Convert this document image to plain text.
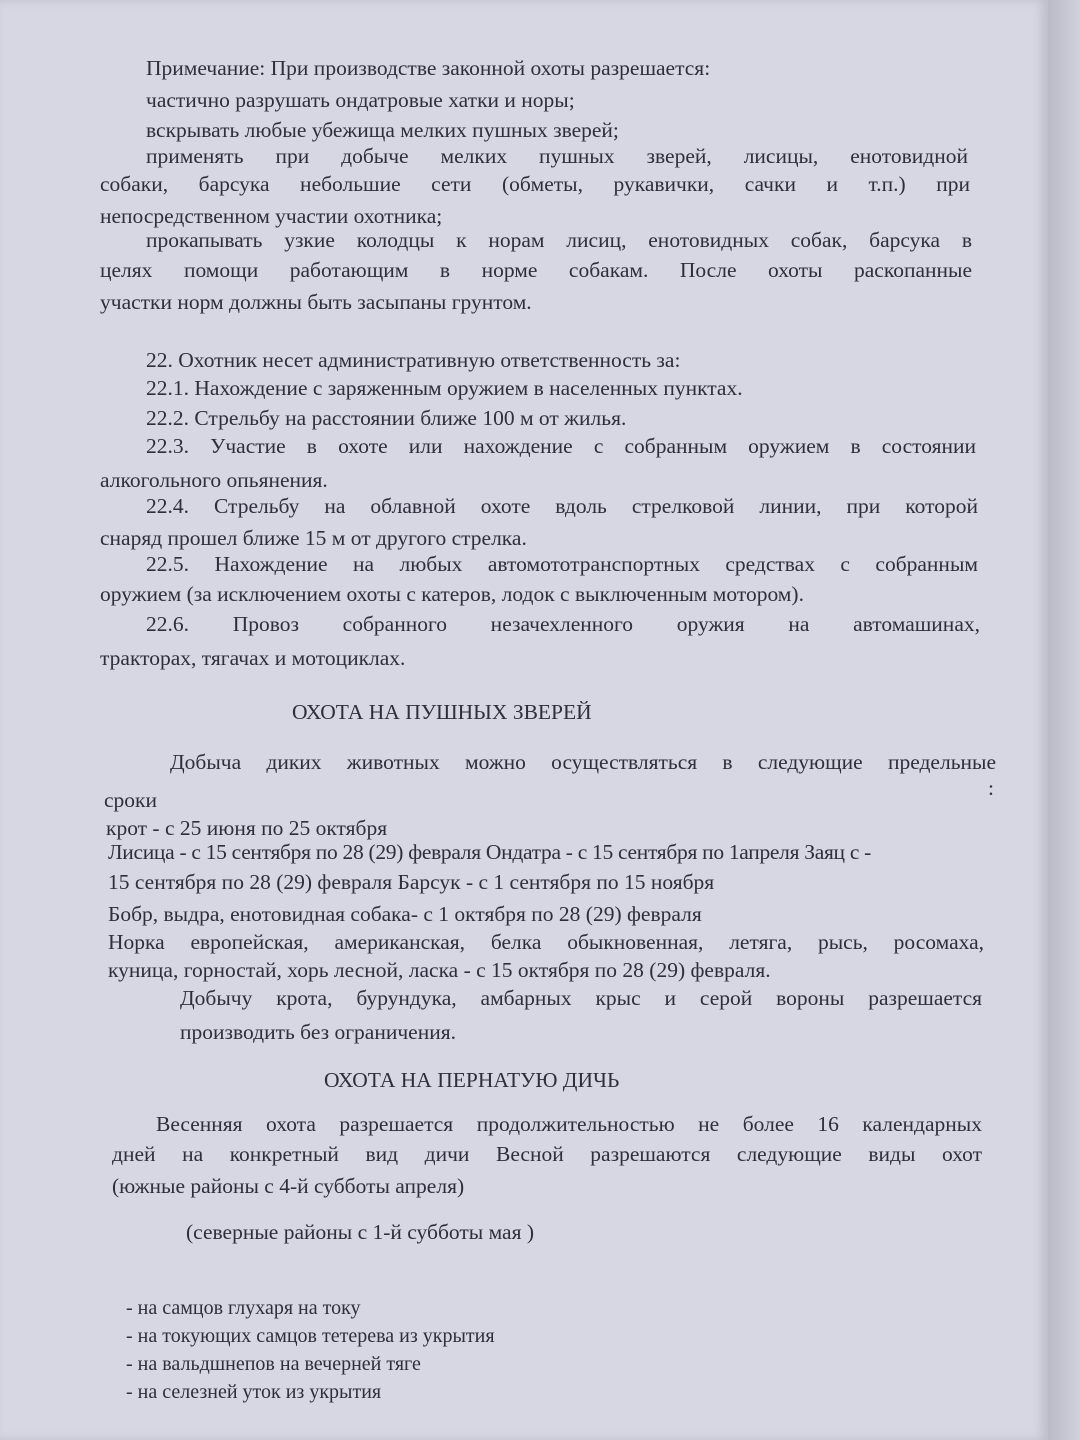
Примечание: При производстве законной охоты разрешается:
частично разрушать ондатровые хатки и норы;
вскрывать любые убежища мелких пушных зверей;
применять при добыче мелких пушных зверей, лисицы, енотовидной
собаки, барсука небольшие сети (обметы, рукавички, сачки и т.п.) при
непосредственном участии охотника;
прокапывать узкие колодцы к норам лисиц, енотовидных собак, барсука в
целях помощи работающим в норме собакам. После охоты раскопанные
участки норм должны быть засыпаны грунтом.
22. Охотник несет административную ответственность за:
22.1. Нахождение с заряженным оружием в населенных пунктах.
22.2. Стрельбу на расстоянии ближе 100 м от жилья.
22.3. Участие в охоте или нахождение с собранным оружием в состоянии
алкогольного опьянения.
22.4. Стрельбу на облавной охоте вдоль стрелковой линии, при которой
снаряд прошел ближе 15 м от другого стрелка.
22.5. Нахождение на любых автомототранспортных средствах с собранным
оружием (за исключением охоты с катеров, лодок с выключенным мотором).
22.6. Провоз собранного незачехленного оружия на автомашинах,
тракторах, тягачах и мотоциклах.
ОХОТА НА ПУШНЫХ ЗВЕРЕЙ
Добыча диких животных можно осуществляться в следующие предельные
сроки	:
крот - с 25 июня по 25 октября
Лисица - с 15 сентября по 28 (29) февраля Ондатра - с 15 сентября по 1апреля Заяц с -
15 сентября по 28 (29) февраля Барсук - с 1 сентября по 15 ноября
Бобр, выдра, енотовидная собака- с 1 октября по 28 (29) февраля
Норка европейская, американская, белка обыкновенная, летяга, рысь, росомаха,
куница, горностай, хорь лесной, ласка - с 15 октября по 28 (29) февраля.
Добычу крота, бурундука, амбарных крыс и серой вороны разрешается
производить без ограничения.
ОХОТА НА ПЕРНАТУЮ ДИЧЬ
Весенняя охота разрешается продолжительностью не более 16 календарных
дней на конкретный вид дичи Весной разрешаются следующие виды охот
(южные районы с 4-й субботы апреля)
(северные районы с 1-й субботы мая )
- на самцов глухаря на току
- на токующих самцов тетерева из укрытия
- на вальдшнепов на вечерней тяге
- на селезней уток из укрытия
